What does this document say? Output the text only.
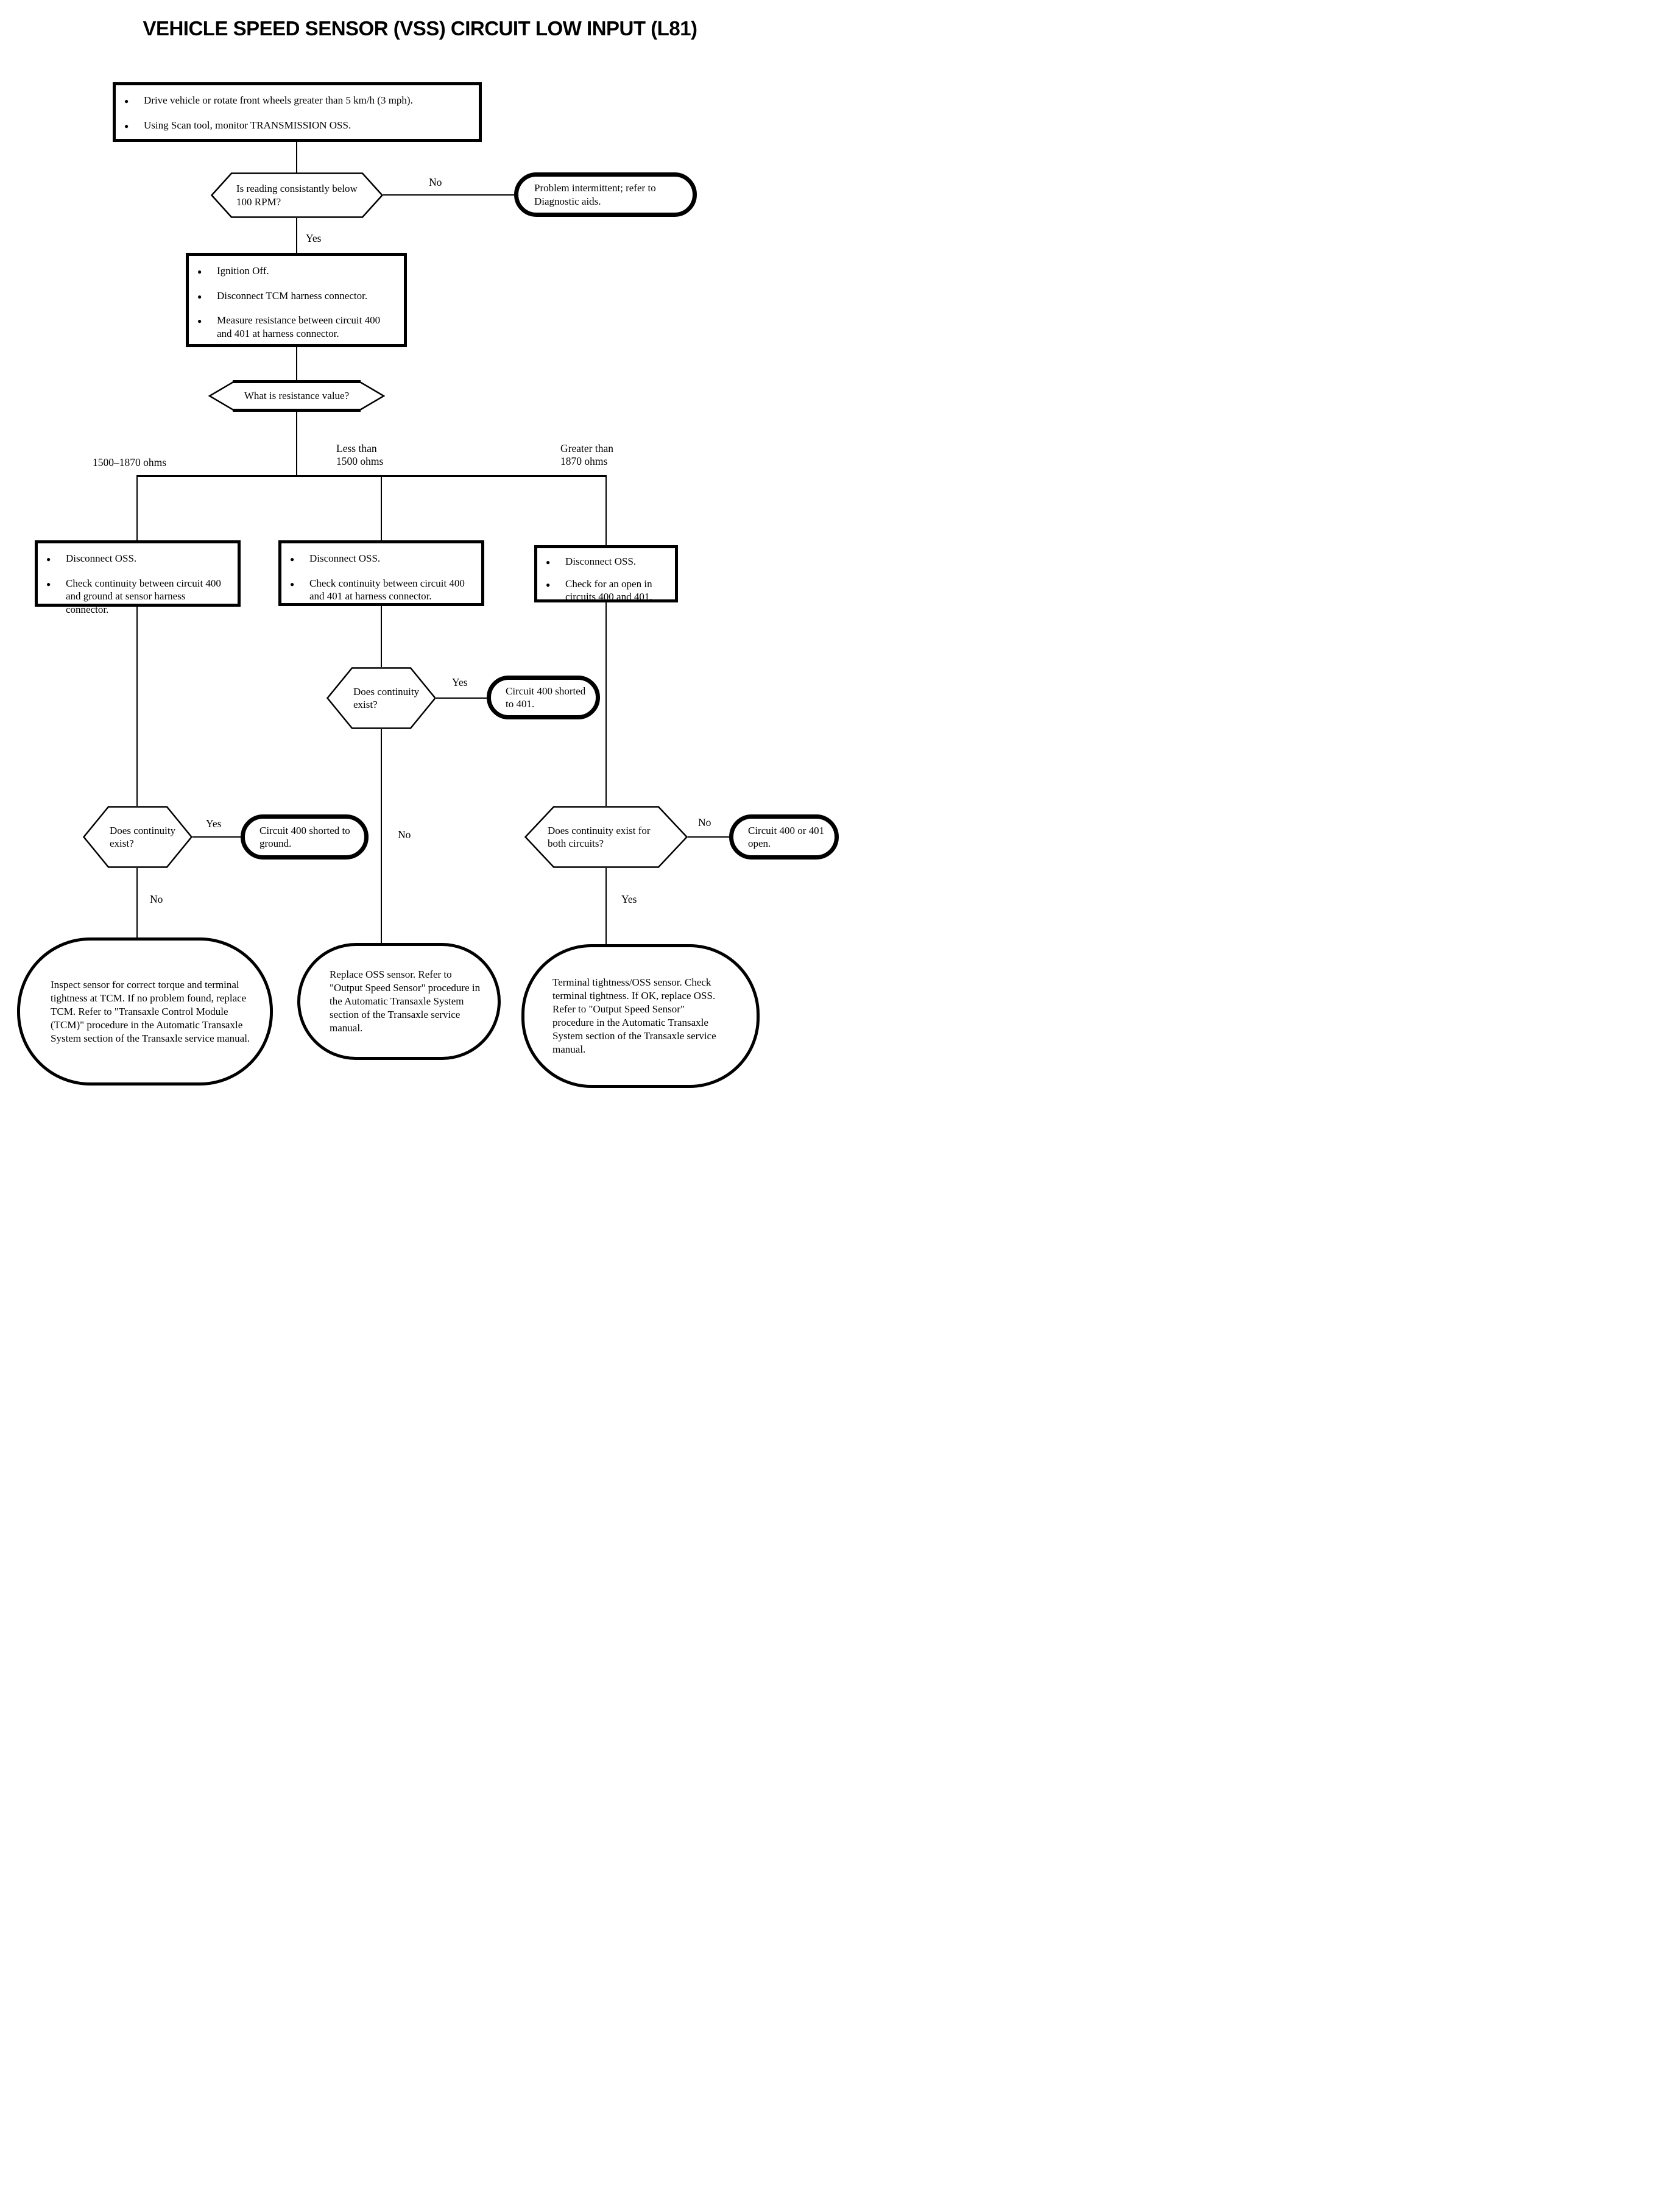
VEHICLE SPEED SENSOR (VSS) CIRCUIT LOW INPUT (L81)
● Drive vehicle or rotate front wheels greater than 5 km/h (3 mph).
● Using Scan tool, monitor TRANSMISSION OSS.
Is reading consistantly below 100 RPM?
No	Problem intermittent; refer to Diagnostic aids.
Yes
● Ignition Off.
● Disconnect TCM harness connector.
● Measure resistance between circuit 400 and 401 at harness connector.
What is resistance value?
1500–1870 ohms
Less than 1500 ohms
Greater than 1870 ohms
● Disconnect OSS.
● Check continuity between circuit 400 and ground at sensor harness connector.
● Disconnect OSS.
● Check continuity between circuit 400 and 401 at harness connector.
● Disconnect OSS.
● Check for an open in circuits 400 and 401.
Does continuity exist?
Yes
Circuit 400 shorted to 401.
No
Does continuity exist?
Yes
Circuit 400 shorted to ground.
No
Does continuity exist for both circuits?
No
Circuit 400 or 401 open.
Yes
Inspect sensor for correct torque and terminal tightness at TCM. If no problem found, replace TCM. Refer to "Transaxle Control Module (TCM)" procedure in the Automatic Transaxle System section of the Transaxle service manual.
Replace OSS sensor. Refer to "Output Speed Sensor" procedure in the Automatic Transaxle System section of the Transaxle service manual.
Terminal tightness/OSS sensor. Check terminal tightness. If OK, replace OSS. Refer to "Output Speed Sensor" procedure in the Automatic Transaxle System section of the Transaxle service manual.
